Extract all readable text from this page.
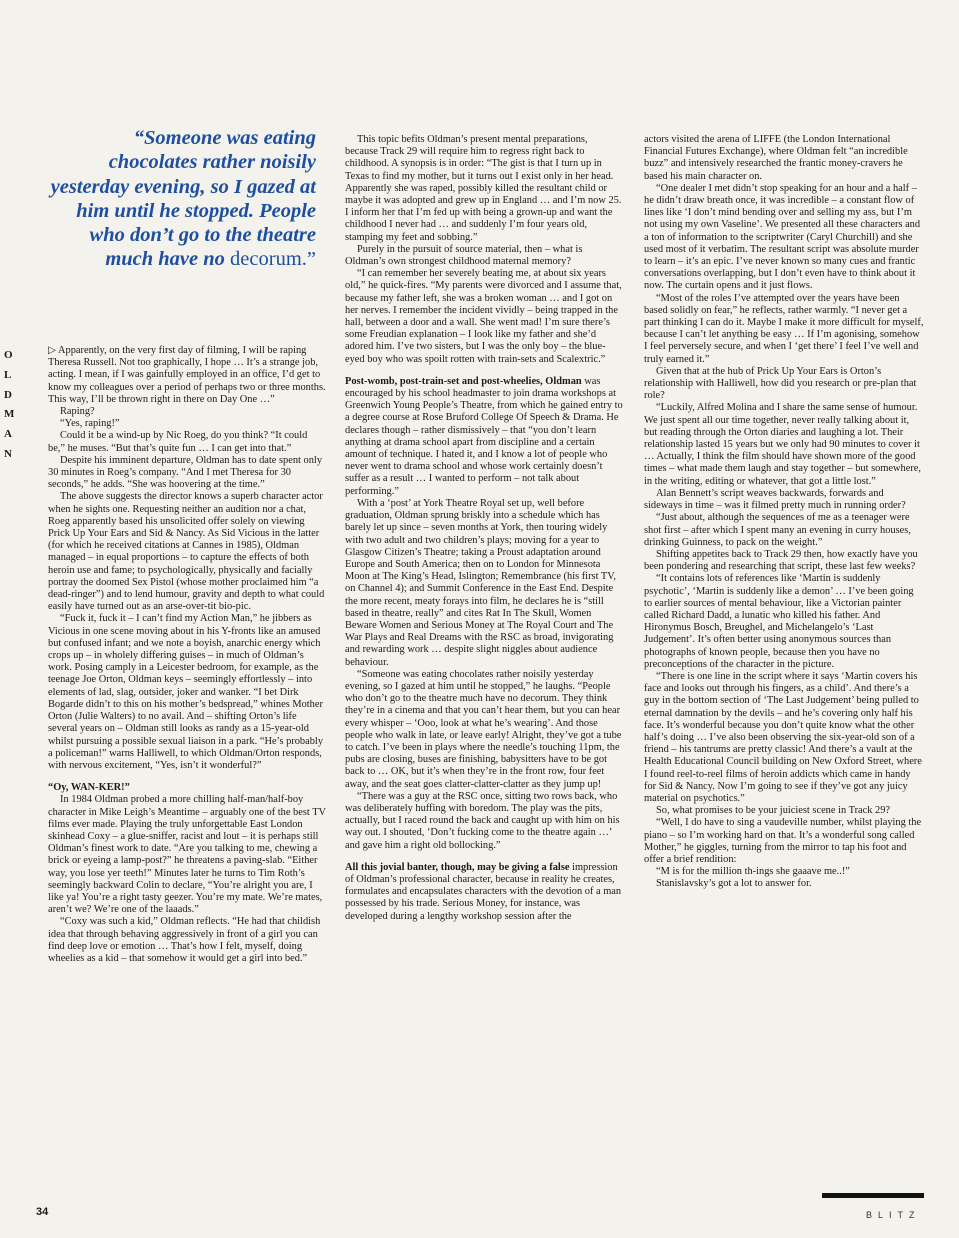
“Someone was eating chocolates rather noisily yesterday evening, so I gazed at him until he stopped. People who don’t go to the theatre much have no decorum.”
O
L
D
M
A
N

▷ Apparently, on the very first day of filming, I will be raping Theresa Russell. Not too graphically, I hope … It’s a strange job, acting. I mean, if I was gainfully employed in an office, I’d get to know my colleagues over a period of perhaps two or three months. This way, I’ll be thrown right in there on Day One …”

Raping?

“Yes, raping!”

Could it be a wind-up by Nic Roeg, do you think? “It could be,” he muses. “But that’s quite fun … I can get into that.”

Despite his imminent departure, Oldman has to date spent only 30 minutes in Roeg’s company. “And I met Theresa for 30 seconds,” he adds. “She was hoovering at the time.”

The above suggests the director knows a superb character actor when he sights one. Requesting neither an audition nor a chat, Roeg apparently based his unsolicited offer solely on viewing Prick Up Your Ears and Sid & Nancy. As Sid Vicious in the latter (for which he received citations at Cannes in 1985), Oldman managed – in equal proportions – to capture the effects of both heroin use and fame; to psychologically, physically and facially portray the doomed Sex Pistol (whose mother proclaimed him “a dead-ringer”) and to lend humour, gravity and depth to what could easily have turned out as an arse-over-tit bio-pic.

“Fuck it, fuck it – I can’t find my Action Man,” he jibbers as Vicious in one scene moving about in his Y-fronts like an amused but confused infant; and we note a boyish, anarchic energy which crops up – in wholely differing guises – in much of Oldman’s work. Posing camply in a Leicester bedroom, for example, as the teenage Joe Orton, Oldman keys – seemingly effortlessly – into elements of lad, slag, outsider, joker and wanker. “I bet Dirk Bogarde didn’t to this on his mother’s bedspread,” whines Mother Orton (Julie Walters) to no avail. And – shifting Orton’s life several years on – Oldman still looks as randy as a 15-year-old whilst pursuing a possible sexual liaison in a park. “He’s probably a policeman!” warns Halliwell, to which Oldman/Orton responds, with nervous excitement, “Yes, isn’t it wonderful?”

“Oy, WAN-KER!”

In 1984 Oldman probed a more chilling half-man/half-boy character in Mike Leigh’s Meantime – arguably one of the best TV films ever made. Playing the truly unforgettable East London skinhead Coxy – a glue-sniffer, racist and lout – it is perhaps still Oldman’s finest work to date. “Are you talking to me, chewing a brick or eyeing a lamp-post?” he threatens a paving-slab. “Either way, you lose yer teeth!” Minutes later he turns to Tim Roth’s seemingly backward Colin to declare, “You’re alright you are, I like ya! You’re a right tasty geezer. You’re my mate. We’re mates, aren’t we? We’re one of the laaads.”

“Coxy was such a kid,” Oldman reflects. “He had that childish idea that through behaving aggressively in front of a girl you can find deep love or emotion … That’s how I felt, myself, doing wheelies as a kid – that somehow it would get a girl into bed.”

This topic befits Oldman’s present mental preparations, because Track 29 will require him to regress right back to childhood. A synopsis is in order: “The gist is that I turn up in Texas to find my mother, but it turns out I exist only in her head. Apparently she was raped, possibly killed the resultant child or maybe it was adopted and grew up in England … and I’m now 25. I inform her that I’m fed up with being a grown-up and want the childhood I never had … and suddenly I’m four years old, stamping my feet and sobbing.”

Purely in the pursuit of source material, then – what is Oldman’s own strongest childhood maternal memory?

“I can remember her severely beating me, at about six years old,” he quick-fires. “My parents were divorced and I assume that, because my father left, she was a broken woman … and I got on her nerves. I remember the incident vividly – being trapped in the hall, between a door and a wall. She went mad! I’m sure there’s some Freudian explanation – I look like my father and she’d adored him. I’ve two sisters, but I was the only boy – the blue-eyed boy who was spoilt rotten with train-sets and Scalextric.”

Post-womb, post-train-set and post-wheelies, Oldman was encouraged by his school headmaster to join drama workshops at Greenwich Young People’s Theatre, from which he gained entry to a degree course at Rose Bruford College Of Speech & Drama. He declares though – rather dismissively – that “you don’t learn anything at drama school apart from discipline and a certain amount of technique. I hated it, and I know a lot of people who never went to drama school and whose work certainly doesn’t suffer as a result … I wanted to perform – not talk about performing.”

With a ‘post’ at York Theatre Royal set up, well before graduation, Oldman sprung briskly into a schedule which has barely let up since – seven months at York, then touring widely with two adult and two children’s plays; moving for a year to Glasgow Citizen’s Theatre; taking a Proust adaptation around Europe and South America; then on to London for Minnesota Moon at The King’s Head, Islington; Remembrance (his first TV, on Channel 4); and Summit Conference in the East End. Despite the more recent, meaty forays into film, he declares he is “still based in theatre, really” and cites Rat In The Skull, Women Beware Women and Serious Money at The Royal Court and The War Plays and Real Dreams with the RSC as broad, invigorating and rewarding work … despite slight niggles about audience behaviour.

“Someone was eating chocolates rather noisily yesterday evening, so I gazed at him until he stopped,” he laughs. “People who don’t go to the theatre much have no decorum. They think they’re in a cinema and that you can’t hear them, but you can hear every whisper – ‘Ooo, look at what he’s wearing’. And those people who walk in late, or leave early! Alright, they’ve got a tube to catch. I’ve been in plays where the needle’s touching 11pm, the pubs are closing, buses are finishing, babysitters have to be got back to … OK, but it’s when they’re in the front row, four feet away, and the seat goes clatter-clatter-clatter as they jump up!

“There was a guy at the RSC once, sitting two rows back, who was deliberately huffing with boredom. The play was the pits, actually, but I raced round the back and caught up with him on his way out. I shouted, ‘Don’t fucking come to the theatre again …’ and gave him a right old bollocking.”

All this jovial banter, though, may be giving a false impression of Oldman’s professional character, because in reality he creates, formulates and encapsulates characters with the devotion of a man possessed by his trade. Serious Money, for instance, was developed during a lengthy workshop session after the

actors visited the arena of LIFFE (the London International Financial Futures Exchange), where Oldman felt “an incredible buzz” and intensively researched the frantic money-cravers he based his main character on.

“One dealer I met didn’t stop speaking for an hour and a half – he didn’t draw breath once, it was incredible – a constant flow of lines like ‘I don’t mind bending over and selling my ass, but I’m not using my own Vaseline’. We presented all these characters and a ton of information to the scriptwriter (Caryl Churchill) and she used most of it verbatim. The resultant script was absolute murder to learn – it’s an epic. I’ve never known so many cues and frantic conversations overlapping, but I don’t even have to think about it now. The curtain opens and it just flows.

“Most of the roles I’ve attempted over the years have been based solidly on fear,” he reflects, rather warmly. “I never get a part thinking I can do it. Maybe I make it more difficult for myself, because I can’t let anything be easy … If I’m agonising, somehow I feel perversely secure, and when I ‘get there’ I feel I’ve well and truly earned it.”

Given that at the hub of Prick Up Your Ears is Orton’s relationship with Halliwell, how did you research or pre-plan that role?

“Luckily, Alfred Molina and I share the same sense of humour. We just spent all our time together, never really talking about it, but reading through the Orton diaries and laughing a lot. Their relationship lasted 15 years but we only had 90 minutes to cover it … Actually, I think the film should have shown more of the good times – what made them laugh and stay together – but somewhere, in the writing, editing or whatever, that got a little lost.”

Alan Bennett’s script weaves backwards, forwards and sideways in time – was it filmed pretty much in running order?

“Just about, although the sequences of me as a teenager were shot first – after which I spent many an evening in curry houses, drinking Guinness, to pack on the weight.”

Shifting appetites back to Track 29 then, how exactly have you been pondering and researching that script, these last few weeks?

“It contains lots of references like ‘Martin is suddenly psychotic’, ‘Martin is suddenly like a demon’ … I’ve been going to earlier sources of mental behaviour, like a Victorian painter called Richard Dadd, a lunatic who killed his father. And Hironymus Bosch, Breughel, and Michelangelo’s ‘Last Judgement’. It’s often better using anonymous sources than photographs of known people, because then you have no preconceptions of the character in the picture.

“There is one line in the script where it says ‘Martin covers his face and looks out through his fingers, as a child’. And there’s a guy in the bottom section of ‘The Last Judgement’ being pulled to eternal damnation by the devils – and he’s covering only half his face. It’s wonderful because you don’t quite know what the other half’s doing … I’ve also been observing the six-year-old son of a friend – his tantrums are pretty classic! And there’s a vault at the Health Educational Council building on New Oxford Street, where I found reel-to-reel films of heroin addicts which came in handy for Sid & Nancy. Now I’m going to see if they’ve got any juicy material on psychotics.”

So, what promises to be your juiciest scene in Track 29?

“Well, I do have to sing a vaudeville number, whilst playing the piano – so I’m working hard on that. It’s a wonderful song called Mother,” he giggles, turning from the mirror to tap his foot and offer a brief rendition:

“M is for the million th-ings she gaaave me..!”

Stanislavsky’s got a lot to answer for.

34	BLITZ
